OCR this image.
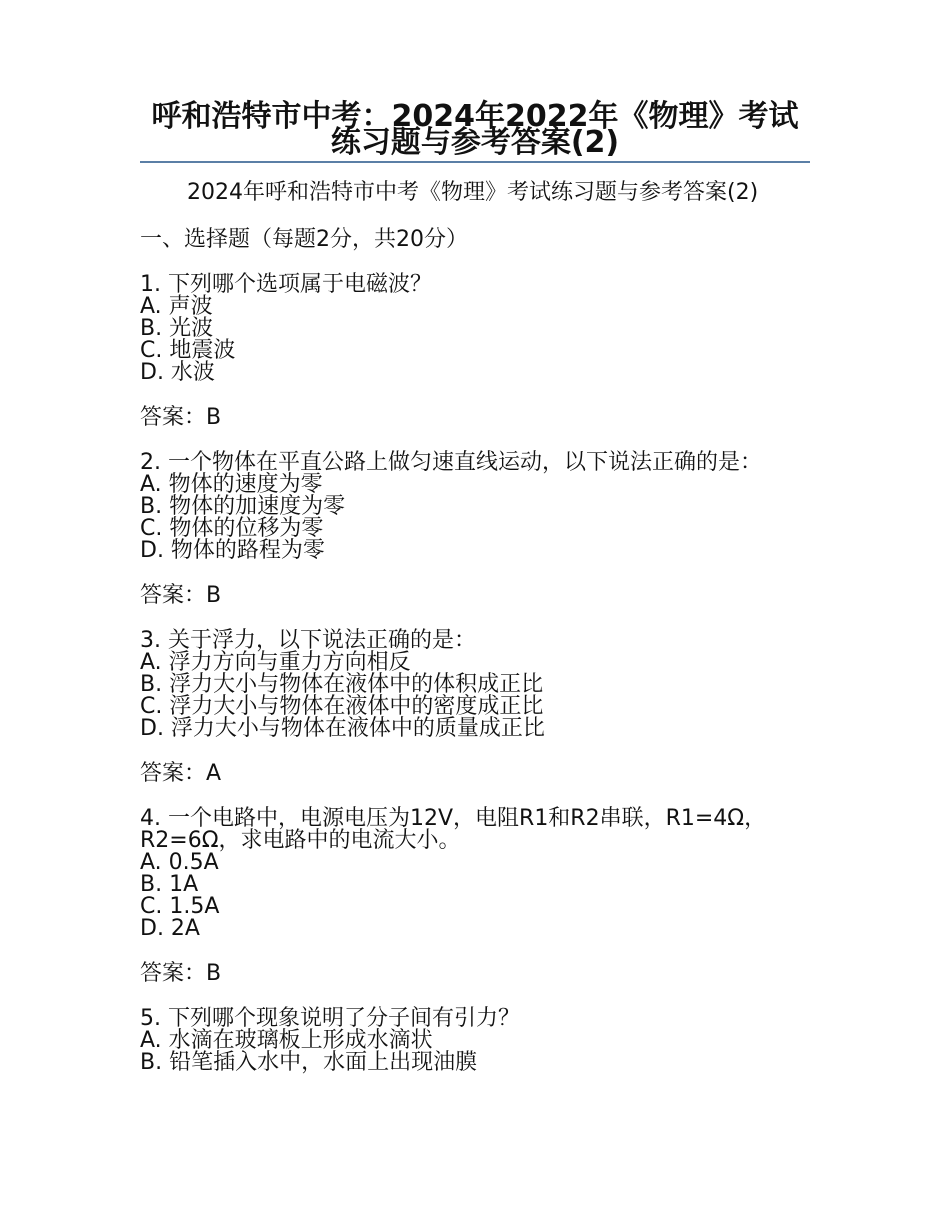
呼和浩特市中考：2024年2022年《物理》考试练习题与参考答案(2)

2024年呼和浩特市中考《物理》考试练习题与参考答案(2)

一、选择题（每题2分，共20分）

1. 下列哪个选项属于电磁波？

A. 声波

B. 光波

C. 地震波

D. 水波

答案：B

2. 一个物体在平直公路上做匀速直线运动，以下说法正确的是：

A. 物体的速度为零

B. 物体的加速度为零

C. 物体的位移为零

D. 物体的路程为零

答案：B

3. 关于浮力，以下说法正确的是：

A. 浮力方向与重力方向相反

B. 浮力大小与物体在液体中的体积成正比

C. 浮力大小与物体在液体中的密度成正比

D. 浮力大小与物体在液体中的质量成正比

答案：A

4. 一个电路中，电源电压为12V，电阻R1和R2串联，R1=4Ω，R2=6Ω，求电路中的电流大小。

A. 0.5A

B. 1A

C. 1.5A

D. 2A

答案：B

5. 下列哪个现象说明了分子间有引力？

A. 水滴在玻璃板上形成水滴状

B. 铅笔插入水中，水面上出现油膜
